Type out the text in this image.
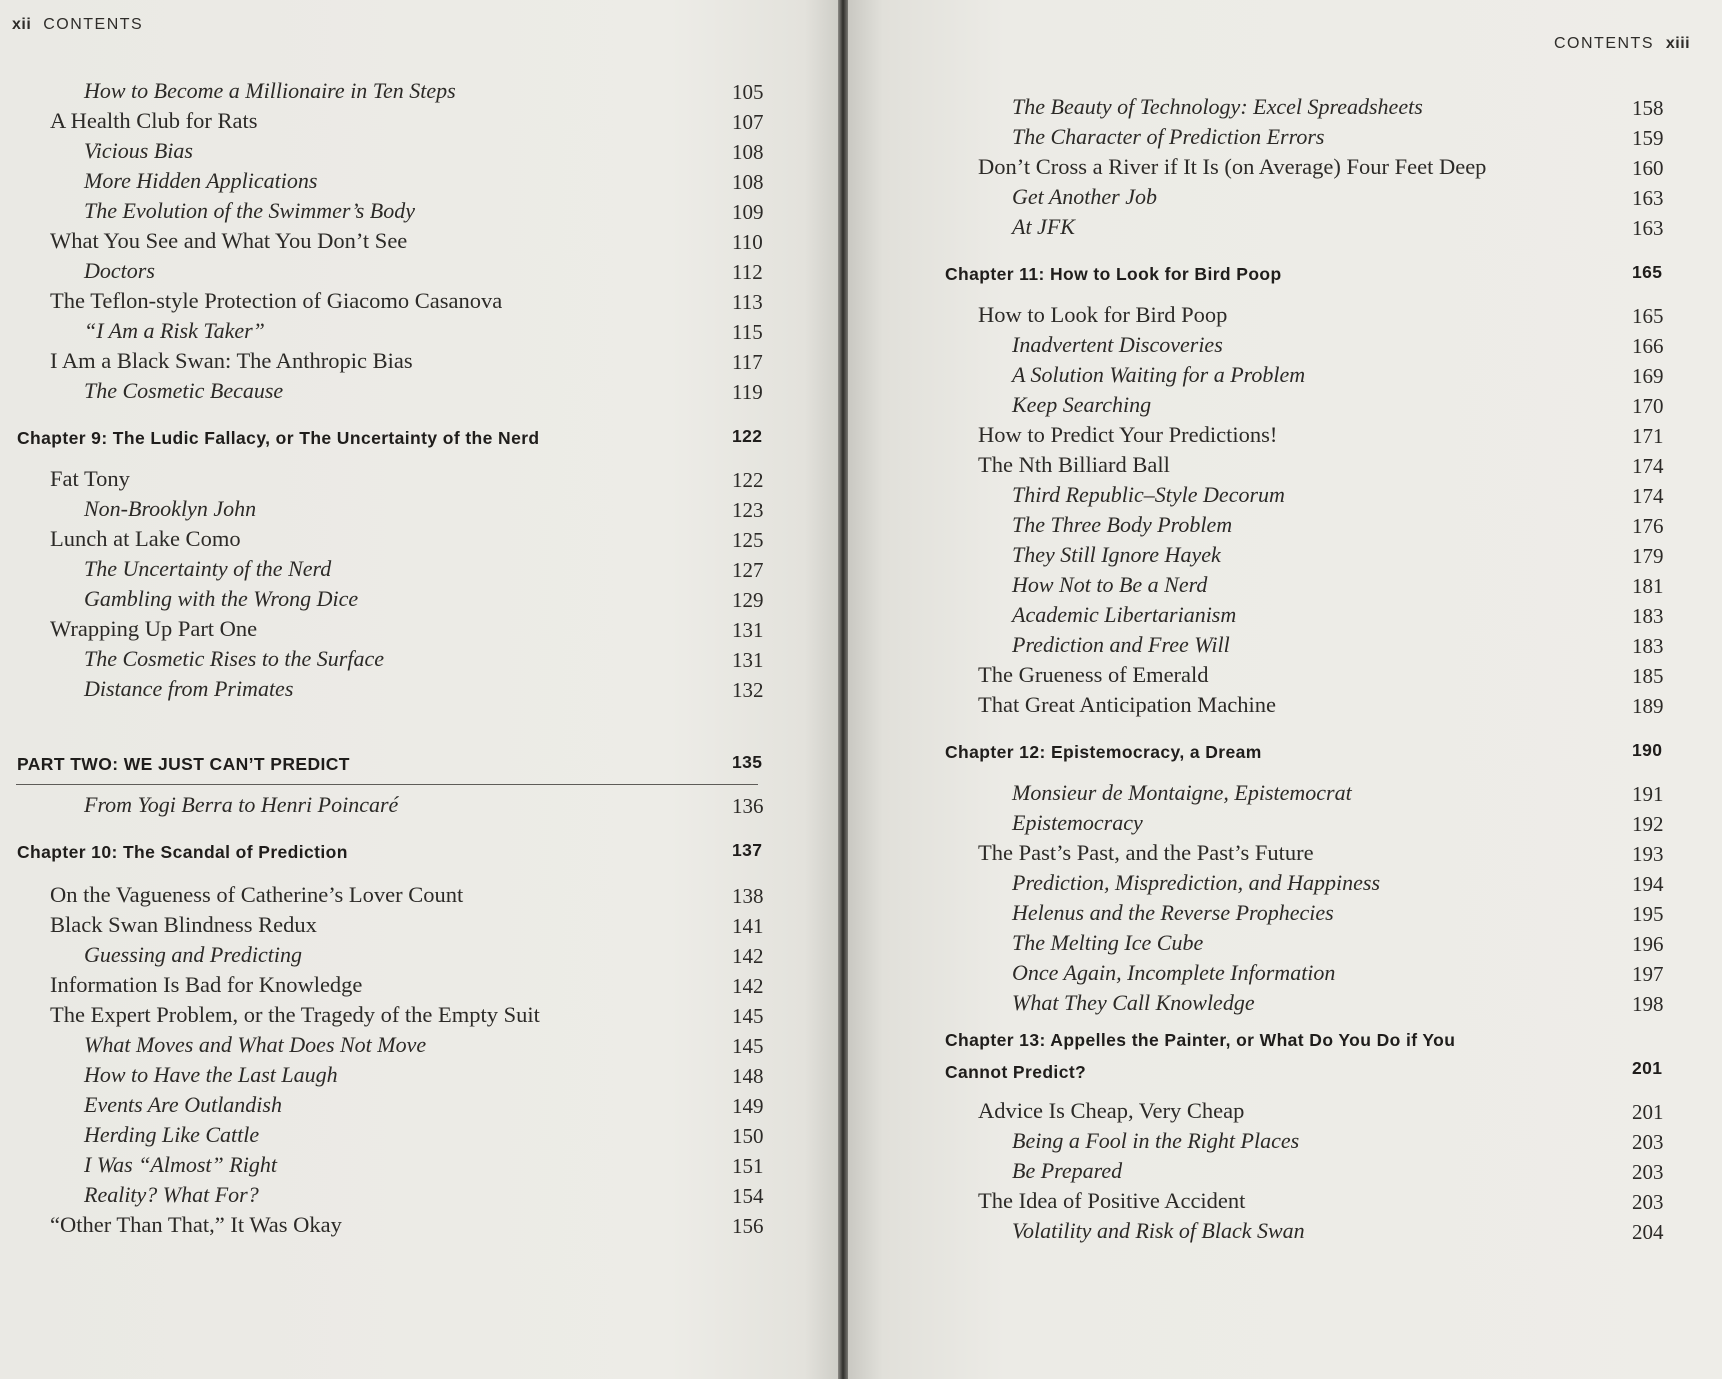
xii CONTENTS
How to Become a Millionaire in Ten Steps	105
A Health Club for Rats	107
Vicious Bias	108
More Hidden Applications	108
The Evolution of the Swimmer’s Body	109
What You See and What You Don’t See	110
Doctors	112
The Teflon-style Protection of Giacomo Casanova	113
“I Am a Risk Taker”	115
I Am a Black Swan: The Anthropic Bias	117
The Cosmetic Because	119
Chapter 9: The Ludic Fallacy, or The Uncertainty of the Nerd	122
Fat Tony	122
Non-Brooklyn John	123
Lunch at Lake Como	125
The Uncertainty of the Nerd	127
Gambling with the Wrong Dice	129
Wrapping Up Part One	131
The Cosmetic Rises to the Surface	131
Distance from Primates	132
PART TWO: WE JUST CAN’T PREDICT	135
From Yogi Berra to Henri Poincaré	136
Chapter 10: The Scandal of Prediction	137
On the Vagueness of Catherine’s Lover Count	138
Black Swan Blindness Redux	141
Guessing and Predicting	142
Information Is Bad for Knowledge	142
The Expert Problem, or the Tragedy of the Empty Suit	145
What Moves and What Does Not Move	145
How to Have the Last Laugh	148
Events Are Outlandish	149
Herding Like Cattle	150
I Was “Almost” Right	151
Reality? What For?	154
“Other Than That,” It Was Okay	156
CONTENTS xiii
The Beauty of Technology: Excel Spreadsheets	158
The Character of Prediction Errors	159
Don’t Cross a River if It Is (on Average) Four Feet Deep	160
Get Another Job	163
At JFK	163
Chapter 11: How to Look for Bird Poop	165
How to Look for Bird Poop	165
Inadvertent Discoveries	166
A Solution Waiting for a Problem	169
Keep Searching	170
How to Predict Your Predictions!	171
The Nth Billiard Ball	174
Third Republic–Style Decorum	174
The Three Body Problem	176
They Still Ignore Hayek	179
How Not to Be a Nerd	181
Academic Libertarianism	183
Prediction and Free Will	183
The Grueness of Emerald	185
That Great Anticipation Machine	189
Chapter 12: Epistemocracy, a Dream	190
Monsieur de Montaigne, Epistemocrat	191
Epistemocracy	192
The Past’s Past, and the Past’s Future	193
Prediction, Misprediction, and Happiness	194
Helenus and the Reverse Prophecies	195
The Melting Ice Cube	196
Once Again, Incomplete Information	197
What They Call Knowledge	198
Chapter 13: Appelles the Painter, or What Do You Do if You
Cannot Predict?	201
Advice Is Cheap, Very Cheap	201
Being a Fool in the Right Places	203
Be Prepared	203
The Idea of Positive Accident	203
Volatility and Risk of Black Swan	204
